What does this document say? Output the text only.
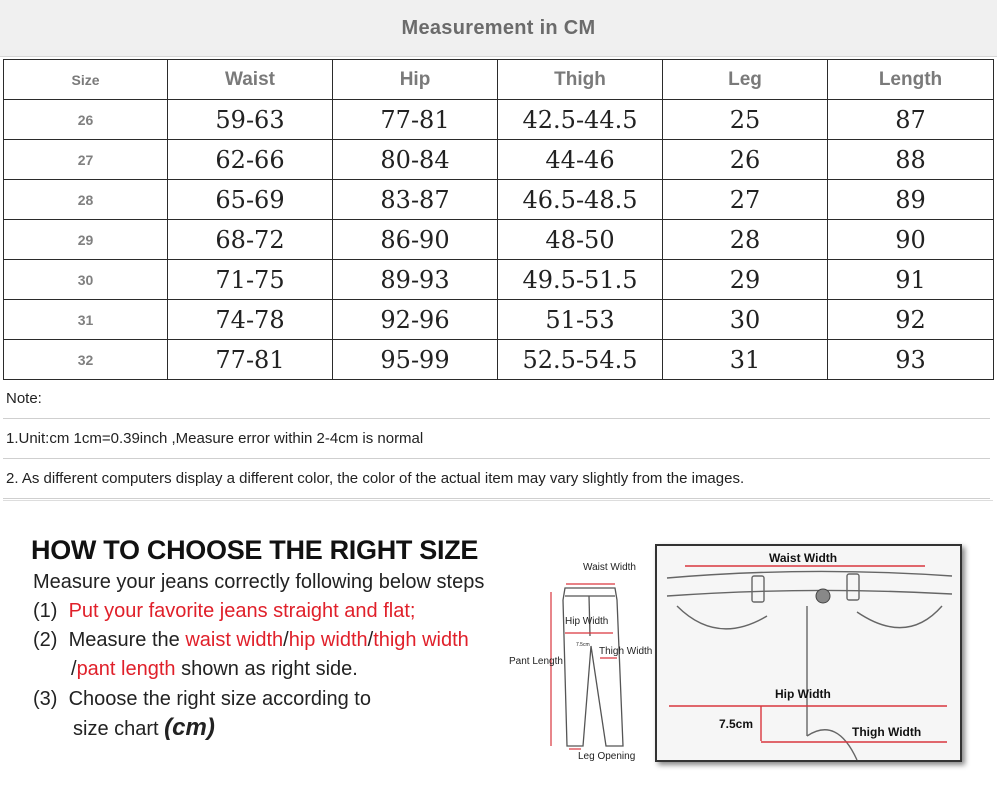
Measurement in CM
Size	Waist	Hip	Thigh	Leg	Length
26	59-63	77-81	42.5-44.5	25	87
27	62-66	80-84	44-46	26	88
28	65-69	83-87	46.5-48.5	27	89
29	68-72	86-90	48-50	28	90
30	71-75	89-93	49.5-51.5	29	91
31	74-78	92-96	51-53	30	92
32	77-81	95-99	52.5-54.5	31	93
Note:
1.Unit:cm 1cm=0.39inch ,Measure error within 2-4cm is normal
2. As different computers display a different color, the color of the actual item may vary slightly from the images.
HOW TO CHOOSE THE RIGHT SIZE
Measure your jeans correctly following below steps
(1) Put your favorite jeans straight and flat;
(2) Measure the waist width/hip width/thigh width
/pant length shown as right side.
(3) Choose the right size according to
size chart (cm)
Waist Width
Hip Width
7.5cm
Thigh Width
Pant Length
Leg Opening
Waist Width
Hip Width
7.5cm
Thigh Width
